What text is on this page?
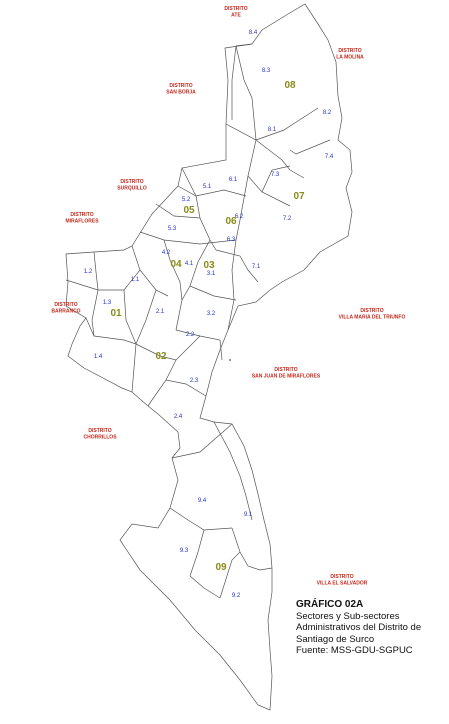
DISTRITO ATE
DISTRITO LA MOLINA
DISTRITO SAN BORJA
DISTRITO SURQUILLO
DISTRITO MIRAFLORES
DISTRITO BARRANCO	DISTRITO VILLA MARIA DEL TRIUNFO
DISTRITO SAN JUAN DE MIRAFLORES
DISTRITO CHORRILLOS
DISTRITO VILLA EL SALVADOR
8.4
8.3
8.2
8.1
7.4
7.3
7.2
7.1
6.1
6.2
6.3
5.1
5.2
5.3
4.2
4.1
3.1
3.2
2.1
2.2
2.3
2.4
1.1
1.2
1.3
1.4
9.1
9.2
9.3
9.4
08
07
06
05
04 03
02
01
09
GRÁFICO 02A
Sectores y Sub-sectores
Administrativos del Distrito de
Santiago de Surco
Fuente: MSS-GDU-SGPUC
